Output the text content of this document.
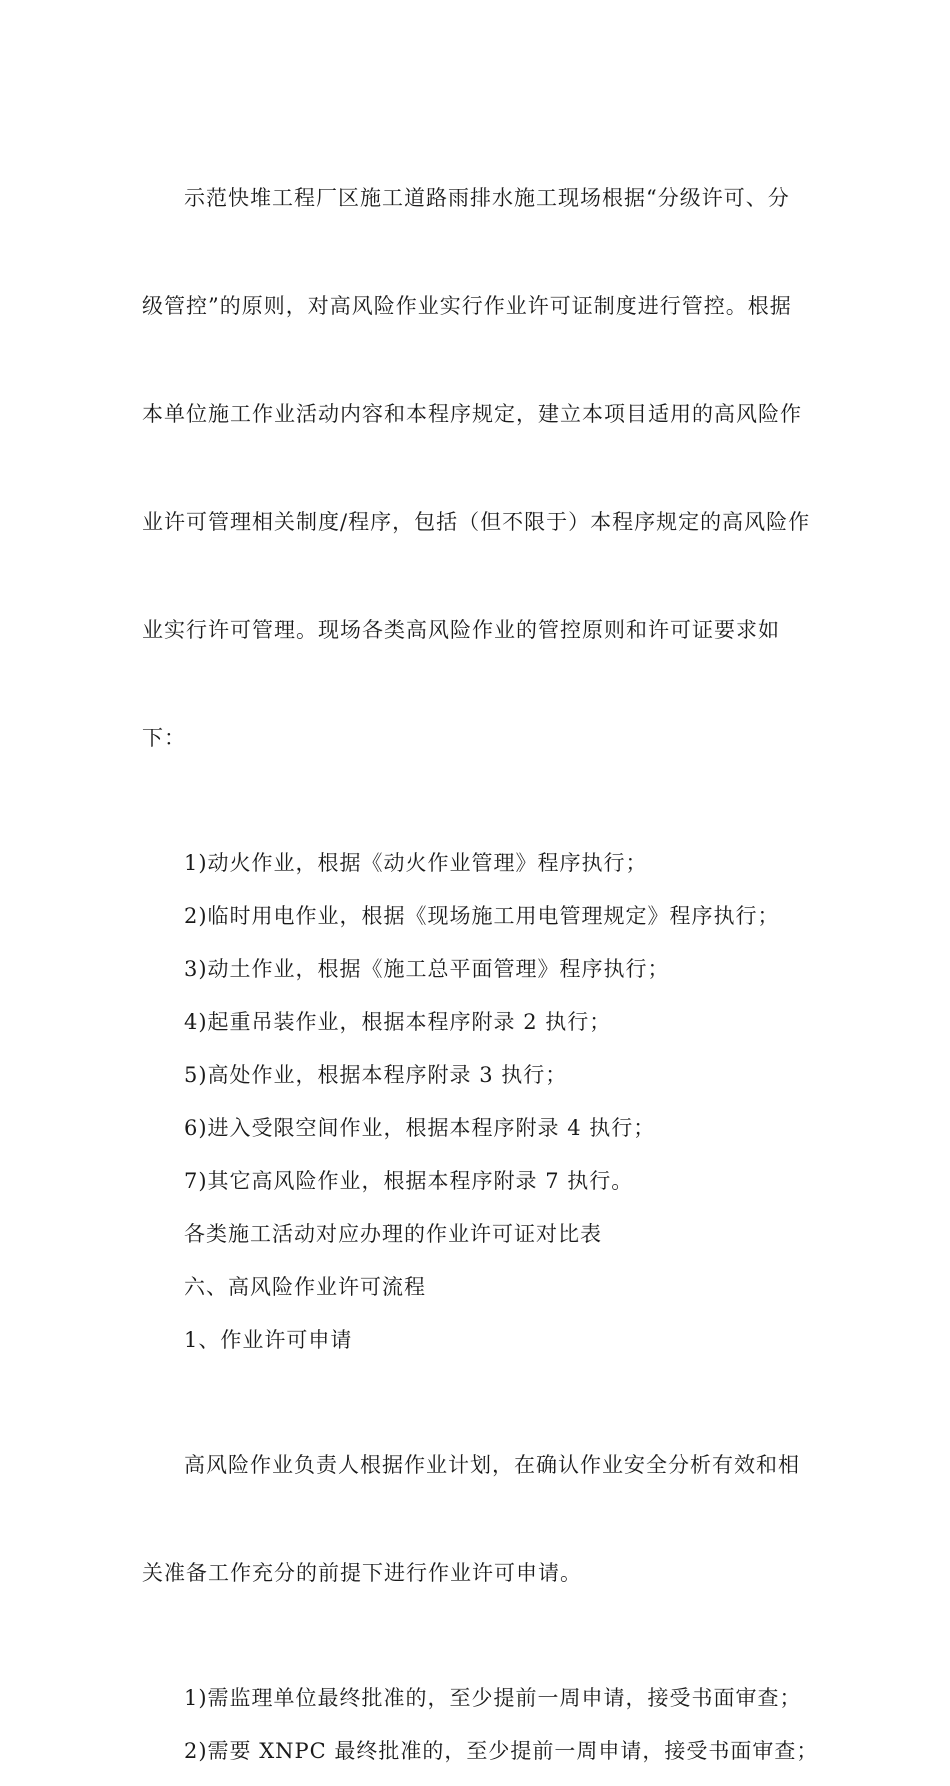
示范快堆工程厂区施工道路雨排水施工现场根据“分级许可、分

级管控”的原则，对高风险作业实行作业许可证制度进行管控。根据

本单位施工作业活动内容和本程序规定，建立本项目适用的高风险作

业许可管理相关制度/程序，包括（但不限于）本程序规定的高风险作

业实行许可管理。现场各类高风险作业的管控原则和许可证要求如

下：

1)动火作业，根据《动火作业管理》程序执行；
2)临时用电作业，根据《现场施工用电管理规定》程序执行；
3)动土作业，根据《施工总平面管理》程序执行；
4)起重吊装作业，根据本程序附录 2 执行；
5)高处作业，根据本程序附录 3 执行；
6)进入受限空间作业，根据本程序附录 4 执行；
7)其它高风险作业，根据本程序附录 7 执行。
各类施工活动对应办理的作业许可证对比表
六、高风险作业许可流程
1、作业许可申请

高风险作业负责人根据作业计划，在确认作业安全分析有效和相

关准备工作充分的前提下进行作业许可申请。

1)需监理单位最终批准的，至少提前一周申请，接受书面审查；
2)需要 XNPC 最终批准的，至少提前一周申请，接受书面审查；
